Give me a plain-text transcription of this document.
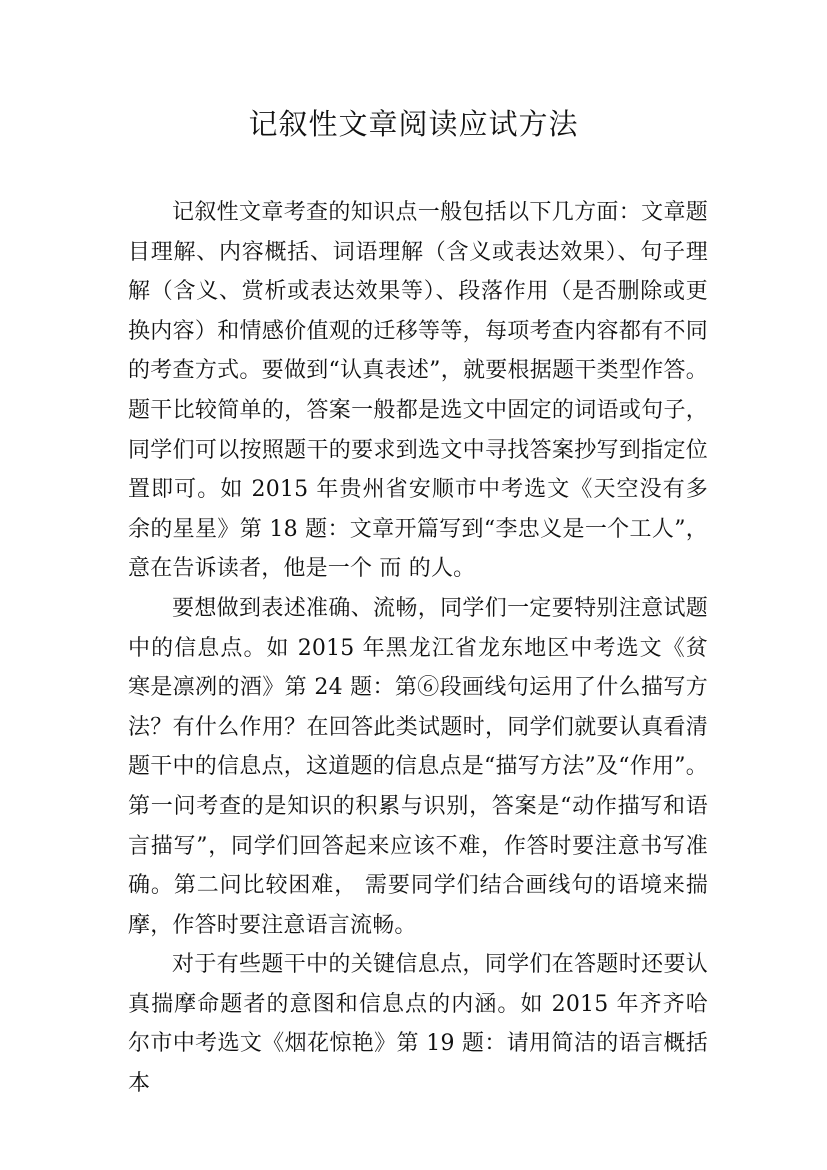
记叙性文章阅读应试方法

记叙性文章考查的知识点一般包括以下几方面：文章题目理解、内容概括、词语理解（含义或表达效果）、句子理解（含义、赏析或表达效果等）、段落作用（是否删除或更换内容）和情感价值观的迁移等等，每项考查内容都有不同的考查方式。要做到“认真表述”，就要根据题干类型作答。题干比较简单的，答案一般都是选文中固定的词语或句子，同学们可以按照题干的要求到选文中寻找答案抄写到指定位置即可。如 2015 年贵州省安顺市中考选文《天空没有多余的星星》第 18 题：文章开篇写到“李忠义是一个工人”，意在告诉读者，他是一个 而 的人。

要想做到表述准确、流畅，同学们一定要特别注意试题中的信息点。如 2015 年黑龙江省龙东地区中考选文《贫寒是凛冽的酒》第 24 题：第⑥段画线句运用了什么描写方法？有什么作用？在回答此类试题时，同学们就要认真看清题干中的信息点，这道题的信息点是“描写方法”及“作用”。第一问考查的是知识的积累与识别，答案是“动作描写和语言描写”，同学们回答起来应该不难，作答时要注意书写准确。第二问比较困难， 需要同学们结合画线句的语境来揣摩，作答时要注意语言流畅。

对于有些题干中的关键信息点，同学们在答题时还要认真揣摩命题者的意图和信息点的内涵。如 2015 年齐齐哈尔市中考选文《烟花惊艳》第 19 题：请用简洁的语言概括本
